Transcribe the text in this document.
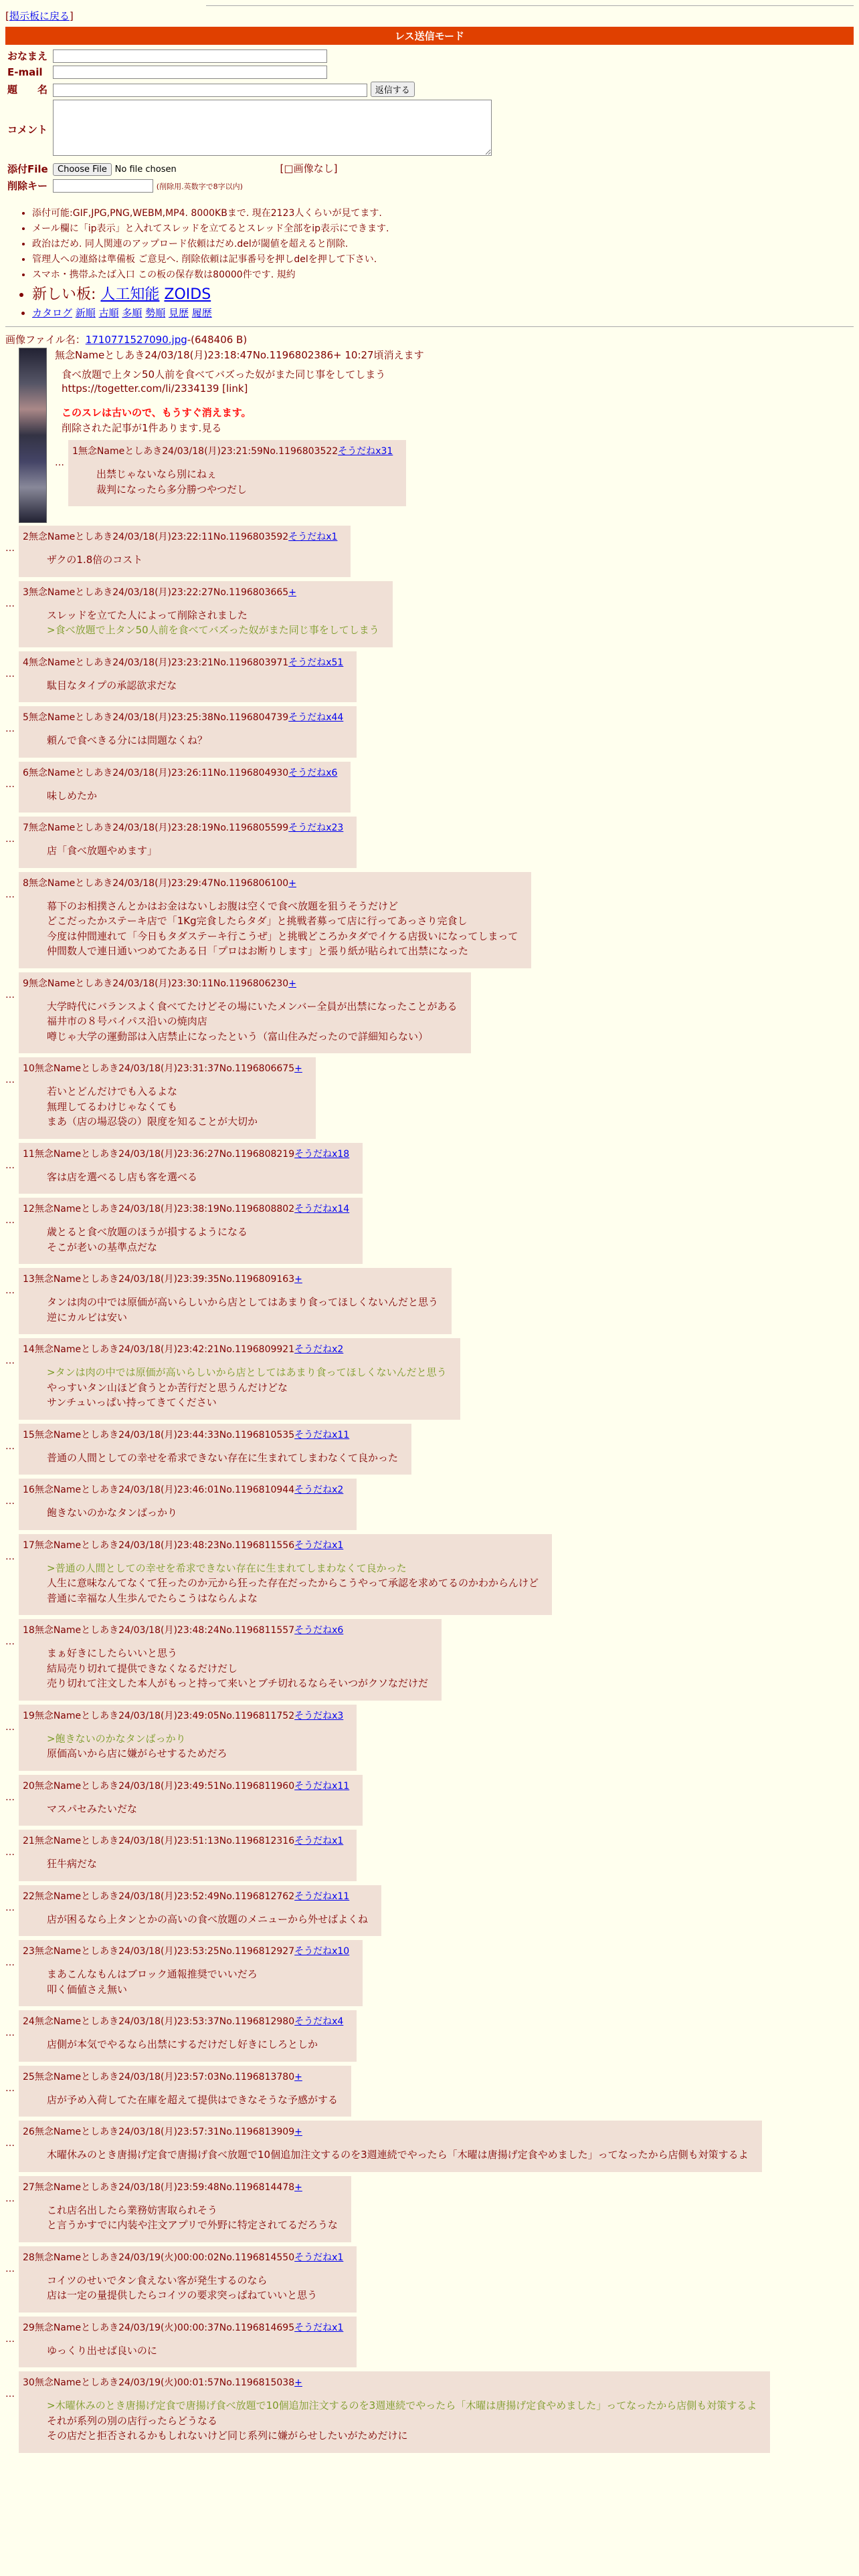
[掲示板に戻る]
レス送信モード
おなまえ	
E-mail	
題　　名	返信する
コメント	
添付File	Choose File No file chosen [□画像なし]
削除キー	(削除用.英数字で8字以内)
• 添付可能:GIF,JPG,PNG,WEBM,MP4. 8000KBまで. 現在2123人くらいが見てます.
• メール欄に「ip表示」と入れてスレッドを立てるとスレッド全部をip表示にできます.
• 政治はだめ. 同人関連のアップロード依頼はだめ.delが閾値を超えると削除.
• 管理人への連絡は準備板 ご意見へ. 削除依頼は記事番号を押しdelを押して下さい.
• スマホ・携帯ふたば入口 この板の保存数は80000件です. 規約
• 新しい板: 人工知能 ZOIDS
• カタログ 新順 古順 多順 勢順 見歴 履歴
画像ファイル名：1710771527090.jpg-(648406 B)
無念Nameとしあき24/03/18(月)23:18:47No.1196802386+ 10:27頃消えます
食べ放題で上タン50人前を食べてバズった奴がまた同じ事をしてしまう
https://togetter.com/li/2334139 [link]
このスレは古いので、もうすぐ消えます。
削除された記事が1件あります.見る
…
1無念Nameとしあき24/03/18(月)23:21:59No.1196803522そうだねx31
出禁じゃないなら別にねぇ
裁判になったら多分勝つやつだし
…
2無念Nameとしあき24/03/18(月)23:22:11No.1196803592そうだねx1
ザクの1.8倍のコスト
…
3無念Nameとしあき24/03/18(月)23:22:27No.1196803665+
スレッドを立てた人によって削除されました
>食べ放題で上タン50人前を食べてバズった奴がまた同じ事をしてしまう
…
4無念Nameとしあき24/03/18(月)23:23:21No.1196803971そうだねx51
駄目なタイプの承認欲求だな
…
5無念Nameとしあき24/03/18(月)23:25:38No.1196804739そうだねx44
頼んで食べきる分には問題なくね？
…
6無念Nameとしあき24/03/18(月)23:26:11No.1196804930そうだねx6
味しめたか
…
7無念Nameとしあき24/03/18(月)23:28:19No.1196805599そうだねx23
店「食べ放題やめます」
…
8無念Nameとしあき24/03/18(月)23:29:47No.1196806100+
幕下のお相撲さんとかはお金はないしお腹は空くで食べ放題を狙うそうだけど
どこだったかステーキ店で「1Kg完食したらタダ」と挑戦者募って店に行ってあっさり完食し
今度は仲間連れて「今日もタダステーキ行こうぜ」と挑戦どころかタダでイケる店扱いになってしまって
仲間数人で連日通いつめてたある日「プロはお断りします」と張り紙が貼られて出禁になった
…
9無念Nameとしあき24/03/18(月)23:30:11No.1196806230+
大学時代にバランスよく食べてたけどその場にいたメンバー全員が出禁になったことがある
福井市の８号バイパス沿いの焼肉店
噂じゃ大学の運動部は入店禁止になったという（富山住みだったので詳細知らない）
…
10無念Nameとしあき24/03/18(月)23:31:37No.1196806675+
若いとどんだけでも入るよな
無理してるわけじゃなくても
まあ（店の場忍袋の）限度を知ることが大切か
…
11無念Nameとしあき24/03/18(月)23:36:27No.1196808219そうだねx18
客は店を選べるし店も客を選べる
…
12無念Nameとしあき24/03/18(月)23:38:19No.1196808802そうだねx14
歳とると食べ放題のほうが損するようになる
そこが老いの基準点だな
…
13無念Nameとしあき24/03/18(月)23:39:35No.1196809163+
タンは肉の中では原価が高いらしいから店としてはあまり食ってほしくないんだと思う
逆にカルビは安い
…
14無念Nameとしあき24/03/18(月)23:42:21No.1196809921そうだねx2
>タンは肉の中では原価が高いらしいから店としてはあまり食ってほしくないんだと思う
やっすいタン山ほど食うとか苦行だと思うんだけどな
サンチュいっぱい持ってきてください
…
15無念Nameとしあき24/03/18(月)23:44:33No.1196810535そうだねx11
普通の人間としての幸せを希求できない存在に生まれてしまわなくて良かった
…
16無念Nameとしあき24/03/18(月)23:46:01No.1196810944そうだねx2
飽きないのかなタンばっかり
…
17無念Nameとしあき24/03/18(月)23:48:23No.1196811556そうだねx1
>普通の人間としての幸せを希求できない存在に生まれてしまわなくて良かった
人生に意味なんてなくて狂ったのか元から狂った存在だったからこうやって承認を求めてるのかわからんけど
普通に幸福な人生歩んでたらこうはならんよな
…
18無念Nameとしあき24/03/18(月)23:48:24No.1196811557そうだねx6
まぁ好きにしたらいいと思う
結局売り切れて提供できなくなるだけだし
売り切れて注文した本人がもっと持って来いとブチ切れるならそいつがクソなだけだ
…
19無念Nameとしあき24/03/18(月)23:49:05No.1196811752そうだねx3
>飽きないのかなタンばっかり
原価高いから店に嫌がらせするためだろ
…
20無念Nameとしあき24/03/18(月)23:49:51No.1196811960そうだねx11
マスパセみたいだな
…
21無念Nameとしあき24/03/18(月)23:51:13No.1196812316そうだねx1
狂牛病だな
…
22無念Nameとしあき24/03/18(月)23:52:49No.1196812762そうだねx11
店が困るなら上タンとかの高いの食べ放題のメニューから外せばよくね
…
23無念Nameとしあき24/03/18(月)23:53:25No.1196812927そうだねx10
まあこんなもんはブロック通報推奨でいいだろ
叩く価値さえ無い
…
24無念Nameとしあき24/03/18(月)23:53:37No.1196812980そうだねx4
店側が本気でやるなら出禁にするだけだし好きにしろとしか
…
25無念Nameとしあき24/03/18(月)23:57:03No.1196813780+
店が予め入荷してた在庫を超えて提供はできなそうな予感がする
…
26無念Nameとしあき24/03/18(月)23:57:31No.1196813909+
木曜休みのとき唐揚げ定食で唐揚げ食べ放題で10個追加注文するのを3週連続でやったら「木曜は唐揚げ定食やめました」ってなったから店側も対策するよ
…
27無念Nameとしあき24/03/18(月)23:59:48No.1196814478+
これ店名出したら業務妨害取られそう
と言うかすでに内装や注文アプリで外野に特定されてるだろうな
…
28無念Nameとしあき24/03/19(火)00:00:02No.1196814550そうだねx1
コイツのせいでタン食えない客が発生するのなら
店は一定の量提供したらコイツの要求突っぱねていいと思う
…
29無念Nameとしあき24/03/19(火)00:00:37No.1196814695そうだねx1
ゆっくり出せば良いのに
…
30無念Nameとしあき24/03/19(火)00:01:57No.1196815038+
>木曜休みのとき唐揚げ定食で唐揚げ食べ放題で10個追加注文するのを3週連続でやったら「木曜は唐揚げ定食やめました」ってなったから店側も対策するよ
それが系列の別の店行ったらどうなる
その店だと拒否されるかもしれないけど同じ系列に嫌がらせしたいがためだけに
